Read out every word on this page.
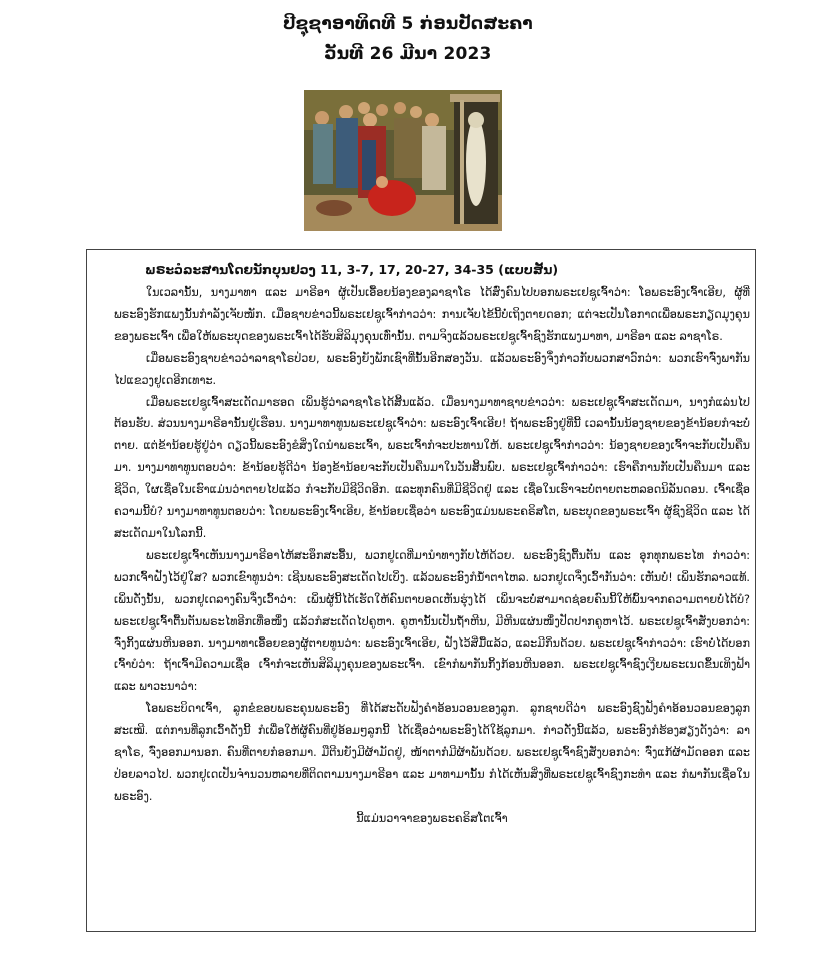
ປີຊຸຊາອາທິດທີ 5 ກ່ອນປັດສະຄາ
ວັນທີ 26 ມີນາ 2023
ພຣະວໍລະສານໂດຍນັກບຸນຢວງ 11, 3-7, 17, 20-27, 34-35 (ແບບສັ້ນ)

ໃນເວລານັ້ນ, ນາງມາທາ ແລະ ມາຣີອາ ຜູ້ເປັນເອື້ອຍນ້ອງຂອງລາຊາໂຣ ໄດ້ສົ່ງຄົນໄປບອກພຣະເຢຊູເຈົ້າວ່າ: ໂອພຣະອົງເຈົ້າເອີຍ, ຜູ້ທີ່ພຣະອົງຮັກແພງນັ້ນກຳລັງເຈັບໜັກ. ເມື່ອຊາບຂ່າວນີ້ພຣະເຢຊູເຈົ້າກ່າວວ່າ: ການເຈັບໄຂ້ນີ້ບໍ່ເຖິງຕາຍດອກ; ແຕ່ຈະເປັນໂອກາດເພື່ອພຣະກຽດມຸງຄຸນຂອງພຣະເຈົ້າ ເພື່ອໃຫ້ພຣະບຸດຂອງພຣະເຈົ້າໄດ້ຮັບສິລິມຸງຄຸນເທົ່ານັ້ນ. ຕາມຈິງແລ້ວພຣະເຢຊູເຈົ້າຊົງຮັກແພງມາທາ, ມາຣີອາ ແລະ ລາຊາໂຣ.

ເມື່ອພຣະອົງຊາບຂ່າວວ່າລາຊາໂຣປ່ວຍ, ພຣະອົງຍັງພັກເຊົາທີ່ນັ້ນອີກສອງວັນ. ແລ້ວພຣະອົງຈຶ່ງກ່າວກັບພວກສາວົກວ່າ: ພວກເຮົາຈົ່ງພາກັນໄປແຂວງຢູເດອີກເທາະ.

ເມື່ອພຣະເຢຊູເຈົ້າສະເດັດມາຮອດ ເພິ່ນຮູ້ວ່າລາຊາໂຣໄດ້ສິ້ນແລ້ວ. ເມື່ອນາງມາທາຊາບຂ່າວວ່າ: ພຣະເຢຊູເຈົ້າສະເດັດມາ, ນາງກໍແລ່ນໄປຕ້ອນຮັບ. ສ່ວນນາງມາຣີອານັ້ນຢູ່ເຮືອນ. ນາງມາທາທູນພຣະເຢຊູເຈົ້າວ່າ: ພຣະອົງເຈົ້າເອີຍ! ຖ້າພຣະອົງຢູ່ທີ່ນີ້ ເວລານັ້ນນ້ອງຊາຍຂອງຂ້ານ້ອຍກໍຈະບໍ່ຕາຍ. ແຕ່ຂ້ານ້ອຍຮູ້ຢູ່ວ່າ ດຽວນີ້ພຣະອົງຂໍສິ່ງໃດນຳພຣະເຈົ້າ, ພຣະເຈົ້າກໍຈະປະທານໃຫ້. ພຣະເຢຊູເຈົ້າກ່າວວ່າ: ນ້ອງຊາຍຂອງເຈົ້າຈະກັບເປັນຄືນມາ. ນາງມາທາທູນຕອບວ່າ: ຂ້ານ້ອຍຮູ້ດີວ່າ ນ້ອງຂ້ານ້ອຍຈະກັບເປັນຄືນມາໃນວັນສິ້ນພົບ. ພຣະເຢຊູເຈົ້າກ່າວວ່າ: ເຮົາຄືການກັບເປັນຄືນມາ ແລະ ຊີວິດ, ໃຜເຊື່ອໃນເຮົາແມ່ນວ່າຕາຍໄປແລ້ວ ກໍຈະກັບມີຊີວິດອີກ. ແລະທຸກຄົນທີ່ມີຊີວິດຢູ່ ແລະ ເຊື່ອໃນເຮົາຈະບໍ່ຕາຍຕະຫລອດນິລັນດອນ. ເຈົ້າເຊື່ອຄວາມນີ້ບໍ? ນາງມາທາທູນຕອບວ່າ: ໂດຍພຣະອົງເຈົ້າເອີຍ, ຂ້ານ້ອຍເຊື່ອວ່າ ພຣະອົງແມ່ນພຣະຄຣິສໂຕ, ພຣະບຸດຂອງພຣະເຈົ້າ ຜູ້ຊົງຊີວິດ ແລະ ໄດ້ສະເດັດມາໃນໂລກນີ້.

ພຣະເຢຊູເຈົ້າເຫັນນາງມາຣີອາໄຫ້ສະອຶກສະອື້ນ, ພວກຢູເດທີ່ມານຳທາງກັບໄຫ້ດ້ວຍ. ພຣະອົງຊົງຕື້ນຕັນ ແລະ ອຸກທຸກພຣະໄທ ກ່າວວ່າ: ພວກເຈົ້າຝັງໄວ້ຢູ່ໃສ? ພວກເຂົາທູນວ່າ: ເຊີນພຣະອົງສະເດັດໄປເບິ່ງ. ແລ້ວພຣະອົງກໍນ້ຳຕາໄຫລ. ພວກຢູເດຈຶ່ງເວົ້າກັນວ່າ: ເຫັນບໍ່! ເພິ່ນຮັກລາວແທ້. ເພິ່ນດັ່ງນັ້ນ, ພວກຢູເດລາງຄົນຈຶ່ງເວົ້າວ່າ: ເພິ່ນຜູ້ນີ້ໄດ້ເຮັດໃຫ້ຄົນຕາບອດເຫັນຮຸ່ງໄດ້ ເພິ່ນຈະບໍ່ສາມາດຊ່ອຍຄົນນີ້ໃຫ້ພົ້ນຈາກຄວາມຕາຍບໍ່ໄດ້ບໍ? ພຣະເຢຊູເຈົ້າຕື້ນຕັນພຣະໄທອີກເທື່ອໜຶ່ງ ແລ້ວກໍສະເດັດໄປຄູຫາ. ຄູຫານັ້ນເປັນຖ້ຳຫີນ, ມີຫີນແຜ່ນໜຶ່ງປັດປາກຄູຫາໄວ້. ພຣະເຢຊູເຈົ້າສັ່ງບອກວ່າ: ຈົ່ງກິ້ງແຜ່ນຫີນອອກ. ນາງມາທາເອື້ອຍຂອງຜູ້ຕາຍທູນວ່າ: ພຣະອົງເຈົ້າເອີຍ, ຝັງໄວ້ສີ່ມື້ແລ້ວ, ແລະມີກິ່ນດ້ວຍ. ພຣະເຢຊູເຈົ້າກ່າວວ່າ: ເຮົາບໍ່ໄດ້ບອກເຈົ້າບໍວ່າ: ຖ້າເຈົ້າມີຄວາມເຊື່ອ ເຈົ້າກໍຈະເຫັນສິລິມຸງຄຸນຂອງພຣະເຈົ້າ. ເຂົາກໍພາກັນກິ້ງກ້ອນຫີນອອກ. ພຣະເຢຊູເຈົ້າຊົງເງີຍພຣະເນດຂຶ້ນເທິງຟ້າ ແລະ ພາວະນາວ່າ:

ໂອພຣະບິດາເຈົ້າ, ລູກຂໍຂອບພຣະຄຸນພຣະອົງ ທີ່ໄດ້ສະດັບຟັງຄຳອ້ອນວອນຂອງລູກ. ລູກຊາບດີວ່າ ພຣະອົງຊົງຟັງຄຳອ້ອນວອນຂອງລູກສະເໝີ. ແຕ່ການທີ່ລູກເວົ້າດັ່ງນີ້ ກໍເພື່ອໃຫ້ຜູ້ຄົນທີ່ຢູ່ອ້ອມໆລູກນີ້ ໄດ້ເຊື່ອວ່າພຣະອົງໄດ້ໃຊ້ລູກມາ. ກ່າວດັ່ງນີ້ແລ້ວ, ພຣະອົງກໍຮ້ອງສຽງດັງວ່າ: ລາຊາໂຣ, ຈົ່ງອອກມານອກ. ຄົນທີ່ຕາຍກໍອອກມາ. ມືຕີນຍັງມີຜ້າມັດຢູ່, ໜ້າຕາກໍມີຜ້າພັນດ້ວຍ. ພຣະເຢຊູເຈົ້າຊົງສັ່ງບອກວ່າ: ຈົ່ງແກ້ຜ້າມັດອອກ ແລະ ປ່ອຍລາວໄປ. ພວກຢູເດເປັນຈຳນວນຫລາຍທີ່ຕິດຕາມນາງມາຣີອາ ແລະ ມາທາມານັ້ນ ກໍໄດ້ເຫັນສິ່ງທີ່ພຣະເຢຊູເຈົ້າຊົງກະທຳ ແລະ ກໍພາກັນເຊື່ອໃນພຣະອົງ.

ນີ້ແມ່ນວາຈາຂອງພຣະຄຣິສໂຕເຈົ້າ
